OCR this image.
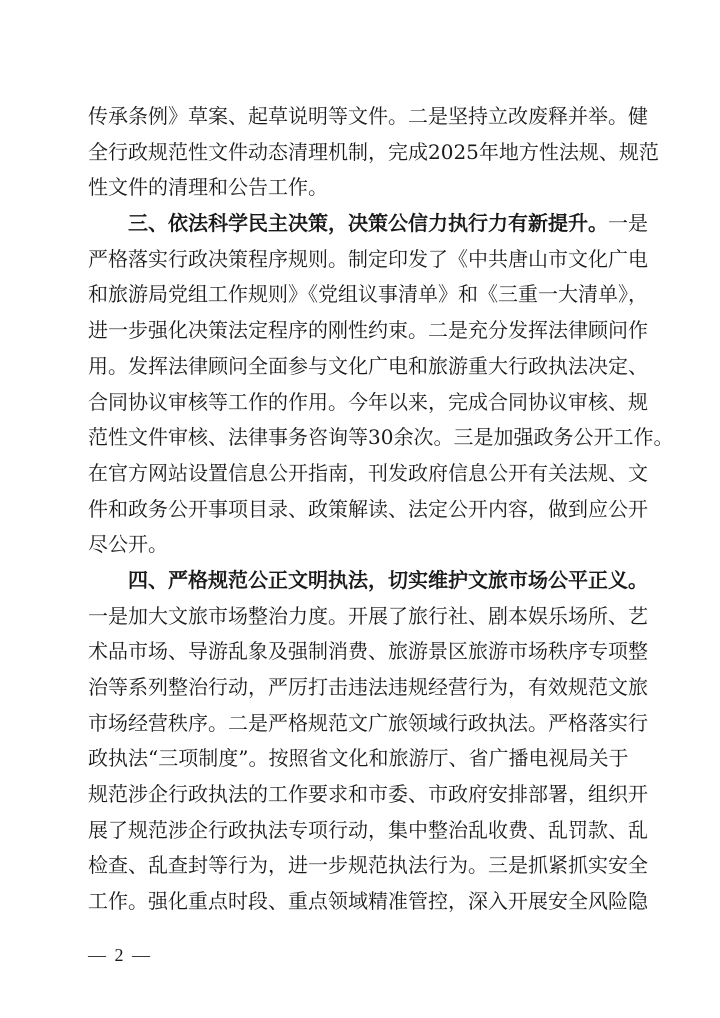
传承条例》草案、起草说明等文件。二是坚持立改废释并举。健
全行政规范性文件动态清理机制，完成2025年地方性法规、规范
性文件的清理和公告工作。
三、依法科学民主决策，决策公信力执行力有新提升。一是
严格落实行政决策程序规则。制定印发了《中共唐山市文化广电
和旅游局党组工作规则》《党组议事清单》和《三重一大清单》，
进一步强化决策法定程序的刚性约束。二是充分发挥法律顾问作
用。发挥法律顾问全面参与文化广电和旅游重大行政执法决定、
合同协议审核等工作的作用。今年以来，完成合同协议审核、规
范性文件审核、法律事务咨询等30余次。三是加强政务公开工作。
在官方网站设置信息公开指南，刊发政府信息公开有关法规、文
件和政务公开事项目录、政策解读、法定公开内容，做到应公开
尽公开。
四、严格规范公正文明执法，切实维护文旅市场公平正义。
一是加大文旅市场整治力度。开展了旅行社、剧本娱乐场所、艺
术品市场、导游乱象及强制消费、旅游景区旅游市场秩序专项整
治等系列整治行动，严厉打击违法违规经营行为，有效规范文旅
市场经营秩序。二是严格规范文广旅领域行政执法。严格落实行
政执法“三项制度”。按照省文化和旅游厅、省广播电视局关于
规范涉企行政执法的工作要求和市委、市政府安排部署，组织开
展了规范涉企行政执法专项行动，集中整治乱收费、乱罚款、乱
检查、乱查封等行为，进一步规范执法行为。三是抓紧抓实安全
工作。强化重点时段、重点领域精准管控，深入开展安全风险隐
— 2 —
